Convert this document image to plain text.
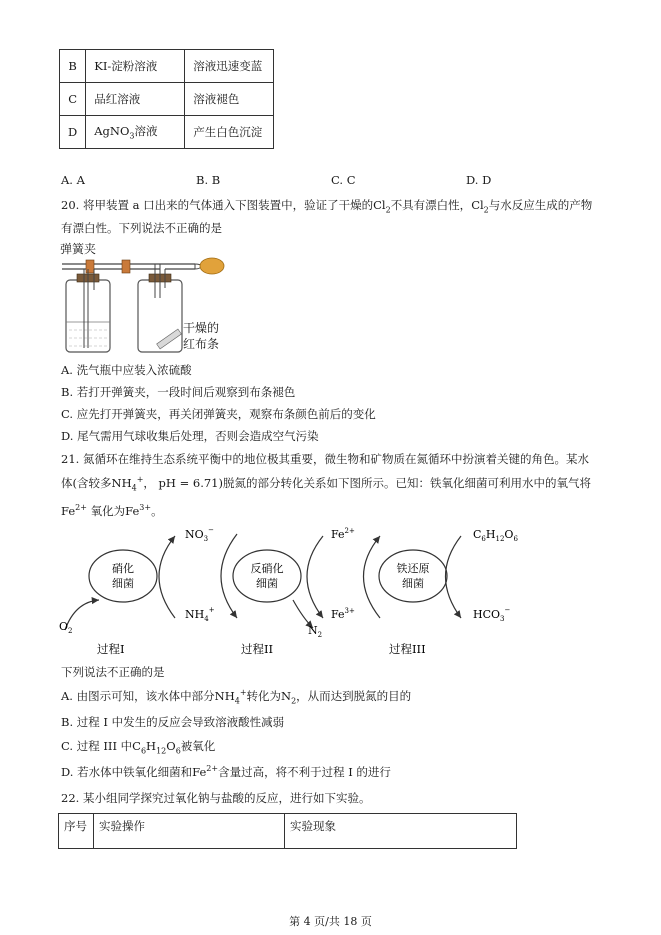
B	KI-淀粉溶液	溶液迅速变蓝
C	品红溶液	溶液褪色
D	AgNO$_3$溶液	产生白色沉淀
A. A	B. B	C. C	D. D
20. 将甲装置 a 口出来的气体通入下图装置中，验证了干燥的$Cl_2$不具有漂白性，$Cl_2$与水反应生成的产物
有漂白性。下列说法不正确的是
弹簧夹
干燥的
红布条
A. 洗气瓶中应装入浓硫酸
B. 若打开弹簧夹，一段时间后观察到布条褪色
C. 应先打开弹簧夹，再关闭弹簧夹，观察布条颜色前后的变化
D. 尾气需用气球收集后处理，否则会造成空气污染
21. 氮循环在维持生态系统平衡中的地位极其重要，微生物和矿物质在氮循环中扮演着关键的角色。某水
体(含较多$NH_4^+$， pH = 6.71)脱氮的部分转化关系如下图所示。已知：铁氧化细菌可利用水中的氧气将
$Fe^{2+}$ 氧化为$Fe^{3+}$。
硝化
细菌
反硝化
细菌
铁还原
细菌
$NO_3^-$
$NH_4^+$
$O_2$	$N_2$
$Fe^{2+}$
$Fe^{3+}$
$C_6H_{12}O_6$
$HCO_3^-$
过程I	过程II	过程III
下列说法不正确的是
A. 由图示可知，该水体中部分$NH_4^+$转化为$N_2$，从而达到脱氮的目的
B. 过程 I 中发生的反应会导致溶液酸性减弱
C. 过程 III 中$C_6H_{12}O_6$被氧化
D. 若水体中铁氧化细菌和$Fe^{2+}$含量过高，将不利于过程 I 的进行
22. 某小组同学探究过氧化钠与盐酸的反应，进行如下实验。
序号	实验操作	实验现象
第 4 页/共 18 页
